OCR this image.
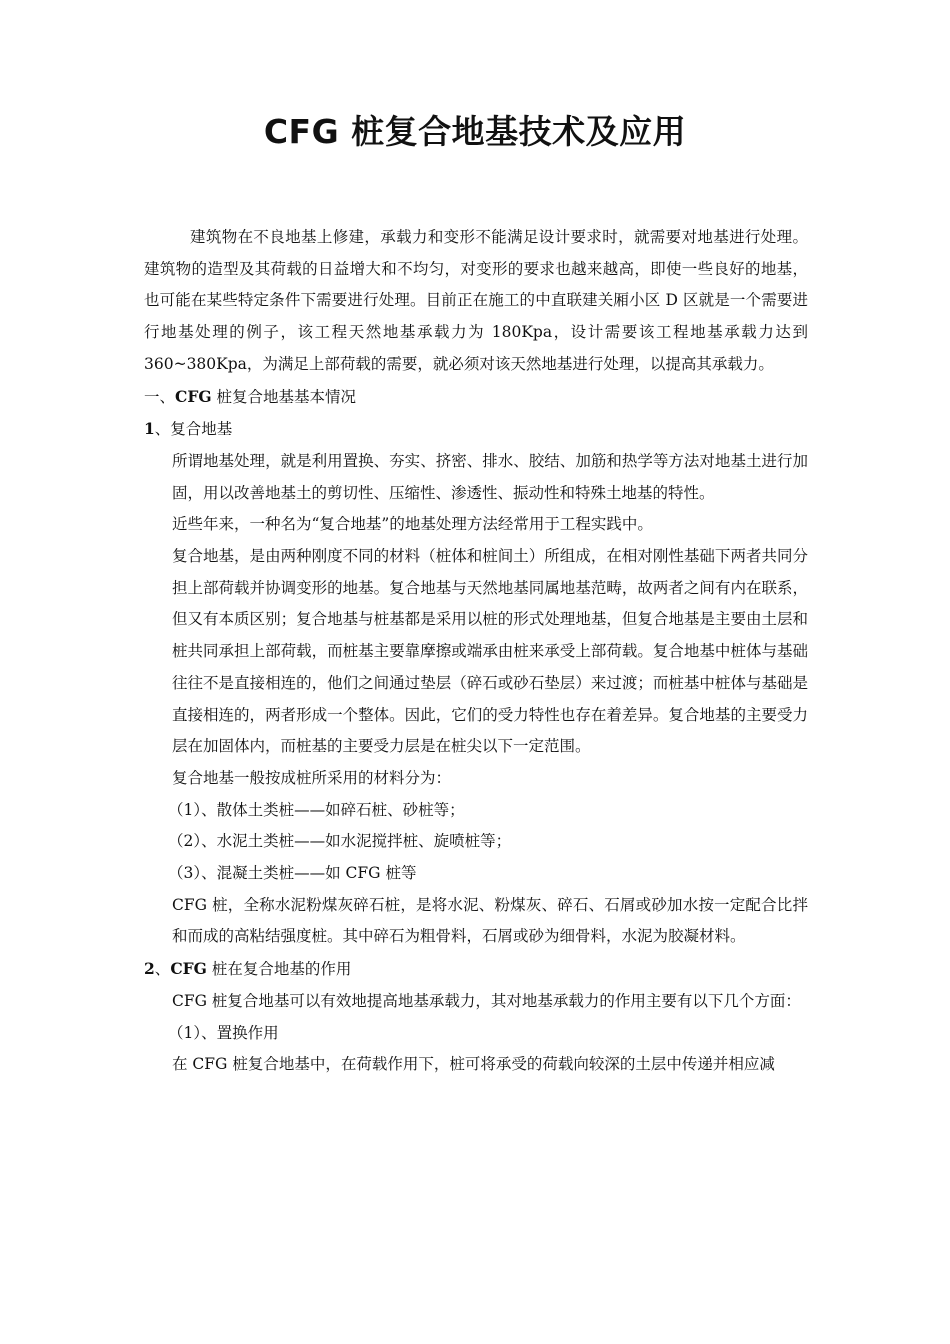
CFG 桩复合地基技术及应用

建筑物在不良地基上修建，承载力和变形不能满足设计要求时，就需要对地基进行处理。建筑物的造型及其荷载的日益增大和不均匀，对变形的要求也越来越高，即使一些良好的地基，也可能在某些特定条件下需要进行处理。目前正在施工的中直联建关厢小区 D 区就是一个需要进行地基处理的例子，该工程天然地基承载力为 180Kpa，设计需要该工程地基承载力达到 360~380Kpa，为满足上部荷载的需要，就必须对该天然地基进行处理，以提高其承载力。

一、CFG 桩复合地基基本情况

1、复合地基

所谓地基处理，就是利用置换、夯实、挤密、排水、胶结、加筋和热学等方法对地基土进行加固，用以改善地基土的剪切性、压缩性、渗透性、振动性和特殊土地基的特性。

近些年来，一种名为“复合地基”的地基处理方法经常用于工程实践中。

复合地基，是由两种刚度不同的材料（桩体和桩间土）所组成，在相对刚性基础下两者共同分担上部荷载并协调变形的地基。复合地基与天然地基同属地基范畴，故两者之间有内在联系，但又有本质区别；复合地基与桩基都是采用以桩的形式处理地基，但复合地基是主要由土层和桩共同承担上部荷载，而桩基主要靠摩擦或端承由桩来承受上部荷载。复合地基中桩体与基础往往不是直接相连的，他们之间通过垫层（碎石或砂石垫层）来过渡；而桩基中桩体与基础是直接相连的，两者形成一个整体。因此，它们的受力特性也存在着差异。复合地基的主要受力层在加固体内，而桩基的主要受力层是在桩尖以下一定范围。

复合地基一般按成桩所采用的材料分为：

（1）、散体土类桩——如碎石桩、砂桩等；

（2）、水泥土类桩——如水泥搅拌桩、旋喷桩等；

（3）、混凝土类桩——如 CFG 桩等

CFG 桩，全称水泥粉煤灰碎石桩，是将水泥、粉煤灰、碎石、石屑或砂加水按一定配合比拌和而成的高粘结强度桩。其中碎石为粗骨料，石屑或砂为细骨料，水泥为胶凝材料。

2、CFG 桩在复合地基的作用

CFG 桩复合地基可以有效地提高地基承载力，其对地基承载力的作用主要有以下几个方面：

（1）、置换作用

在 CFG 桩复合地基中，在荷载作用下，桩可将承受的荷载向较深的土层中传递并相应减
